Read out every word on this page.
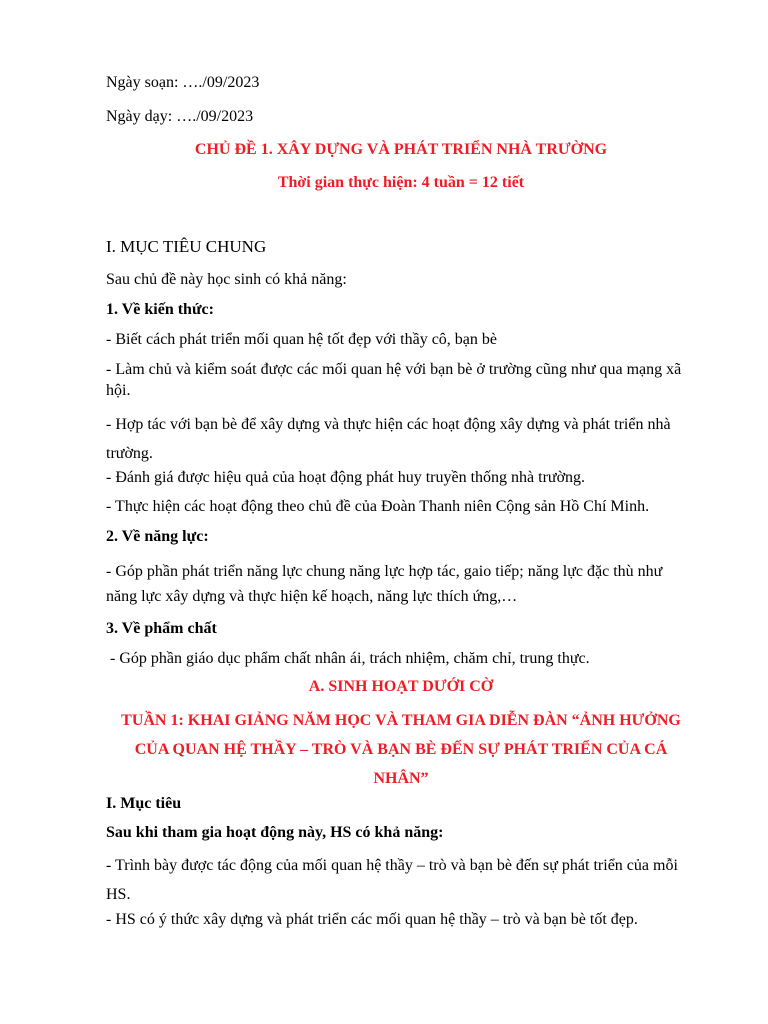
Ngày soạn: …./09/2023
Ngày dạy: …./09/2023
CHỦ ĐỀ 1. XÂY DỰNG VÀ PHÁT TRIỂN NHÀ TRƯỜNG
Thời gian thực hiện: 4 tuần = 12 tiết
I. MỤC TIÊU CHUNG
Sau chủ đề này học sinh có khả năng:
1. Về kiến thức:
- Biết cách phát triển mối quan hệ tốt đẹp với thầy cô, bạn bè
- Làm chủ và kiểm soát được các mối quan hệ với bạn bè ở trường cũng như qua mạng xã hội.
- Hợp tác với bạn bè để xây dựng và thực hiện các hoạt động xây dựng và phát triển nhà trường.
- Đánh giá được hiệu quả của hoạt động phát huy truyền thống nhà trường.
- Thực hiện các hoạt động theo chủ đề của Đoàn Thanh niên Cộng sản Hồ Chí Minh.
2. Về năng lực:
- Góp phần phát triển năng lực chung năng lực hợp tác, gaio tiếp; năng lực đặc thù như năng lực xây dựng và thực hiện kế hoạch, năng lực thích ứng,…
3. Về phẩm chất
- Góp phần giáo dục phẩm chất nhân ái, trách nhiệm, chăm chỉ, trung thực.
A. SINH HOẠT DƯỚI CỜ
TUẦN 1: KHAI GIẢNG NĂM HỌC VÀ THAM GIA DIỄN ĐÀN “ẢNH HƯỞNG CỦA QUAN HỆ THẦY – TRÒ VÀ BẠN BÈ ĐẾN SỰ PHÁT TRIỂN CỦA CÁ NHÂN”
I. Mục tiêu
Sau khi tham gia hoạt động này, HS có khả năng:
- Trình bày được tác động của mối quan hệ thầy – trò và bạn bè đến sự phát triển của mỗi HS.
- HS có ý thức xây dựng và phát triển các mối quan hệ thầy – trò và bạn bè tốt đẹp.
